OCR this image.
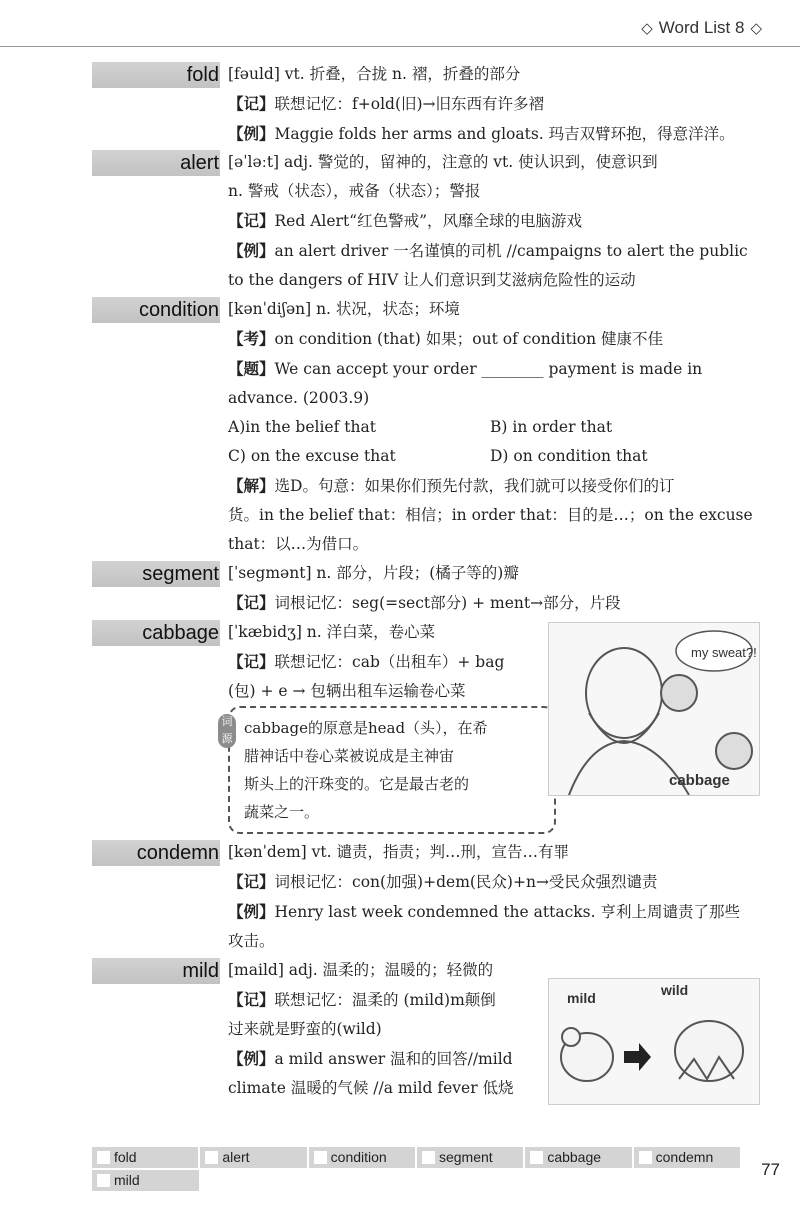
◇ Word List 8 ◇
fold [fəuld] vt. 折叠，合拢 n. 褶，折叠的部分
【记】联想记忆：f+old(旧)→旧东西有许多褶
【例】Maggie folds her arms and gloats. 玛吉双臂环抱，得意洋洋。
alert [əˈləːt] adj. 警觉的，留神的，注意的 vt. 使认识到，使意识到
n. 警戒（状态），戒备（状态）；警报
【记】Red Alert“红色警戒”，风靡全球的电脑游戏
【例】an alert driver 一名谨慎的司机 //campaigns to alert the public
to the dangers of HIV 让人们意识到艾滋病危险性的运动
condition [kənˈdiʃən] n. 状况，状态；环境
【考】on condition (that) 如果；out of condition 健康不佳
【题】We can accept your order ________ payment is made in
advance. (2003.9)
A)in the belief that	B) in order that
C) on the excuse that	D) on condition that
【解】选D。句意：如果你们预先付款，我们就可以接受你们的订
货。in the belief that：相信；in order that：目的是…；on the excuse
that：以…为借口。
segment [ˈsegmənt] n. 部分，片段；(橘子等的)瓣
【记】词根记忆：seg(=sect部分) + ment→部分，片段
cabbage [ˈkæbidʒ] n. 洋白菜，卷心菜
【记】联想记忆：cab（出租车）+ bag
(包) + e → 包辆出租车运输卷心菜
词源
cabbage的原意是head（头），在希
腊神话中卷心菜被说成是主神宙
斯头上的汗珠变的。它是最古老的
蔬菜之一。
my sweat?!
cabbage
condemn [kənˈdem] vt. 谴责，指责；判…刑，宣告…有罪
【记】词根记忆：con(加强)+dem(民众)+n→受民众强烈谴责
【例】Henry last week condemned the attacks. 亨利上周谴责了那些
攻击。
mild [maild] adj. 温柔的；温暖的；轻微的
【记】联想记忆：温柔的 (mild)m颠倒
过来就是野蛮的(wild)
【例】a mild answer 温和的回答//mild
climate 温暖的气候 //a mild fever 低烧
mild	wild
fold	alert	condition	segment	cabbage	condemn
mild
77
